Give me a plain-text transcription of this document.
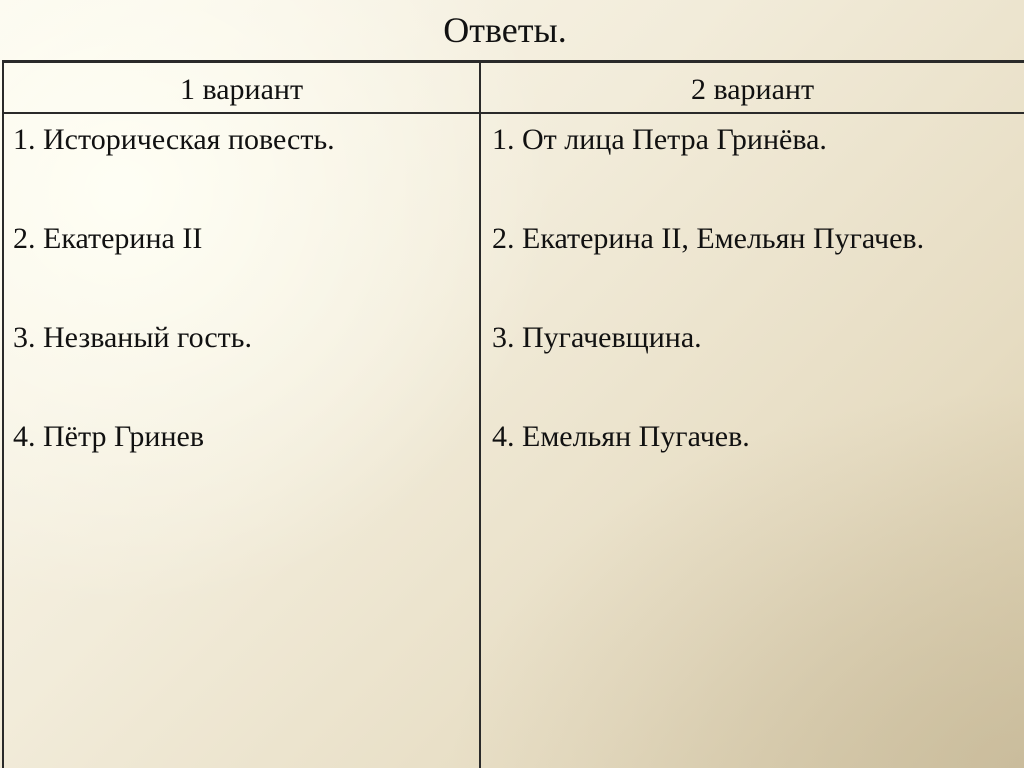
Ответы.
1 вариант
1. Историческая повесть.
2. Екатерина II
3. Незваный гость.
4. Пётр Гринев
2 вариант
1. От лица Петра Гринёва.
2. Екатерина II, Емельян Пугачев.
3. Пугачевщина.
4. Емельян Пугачев.
